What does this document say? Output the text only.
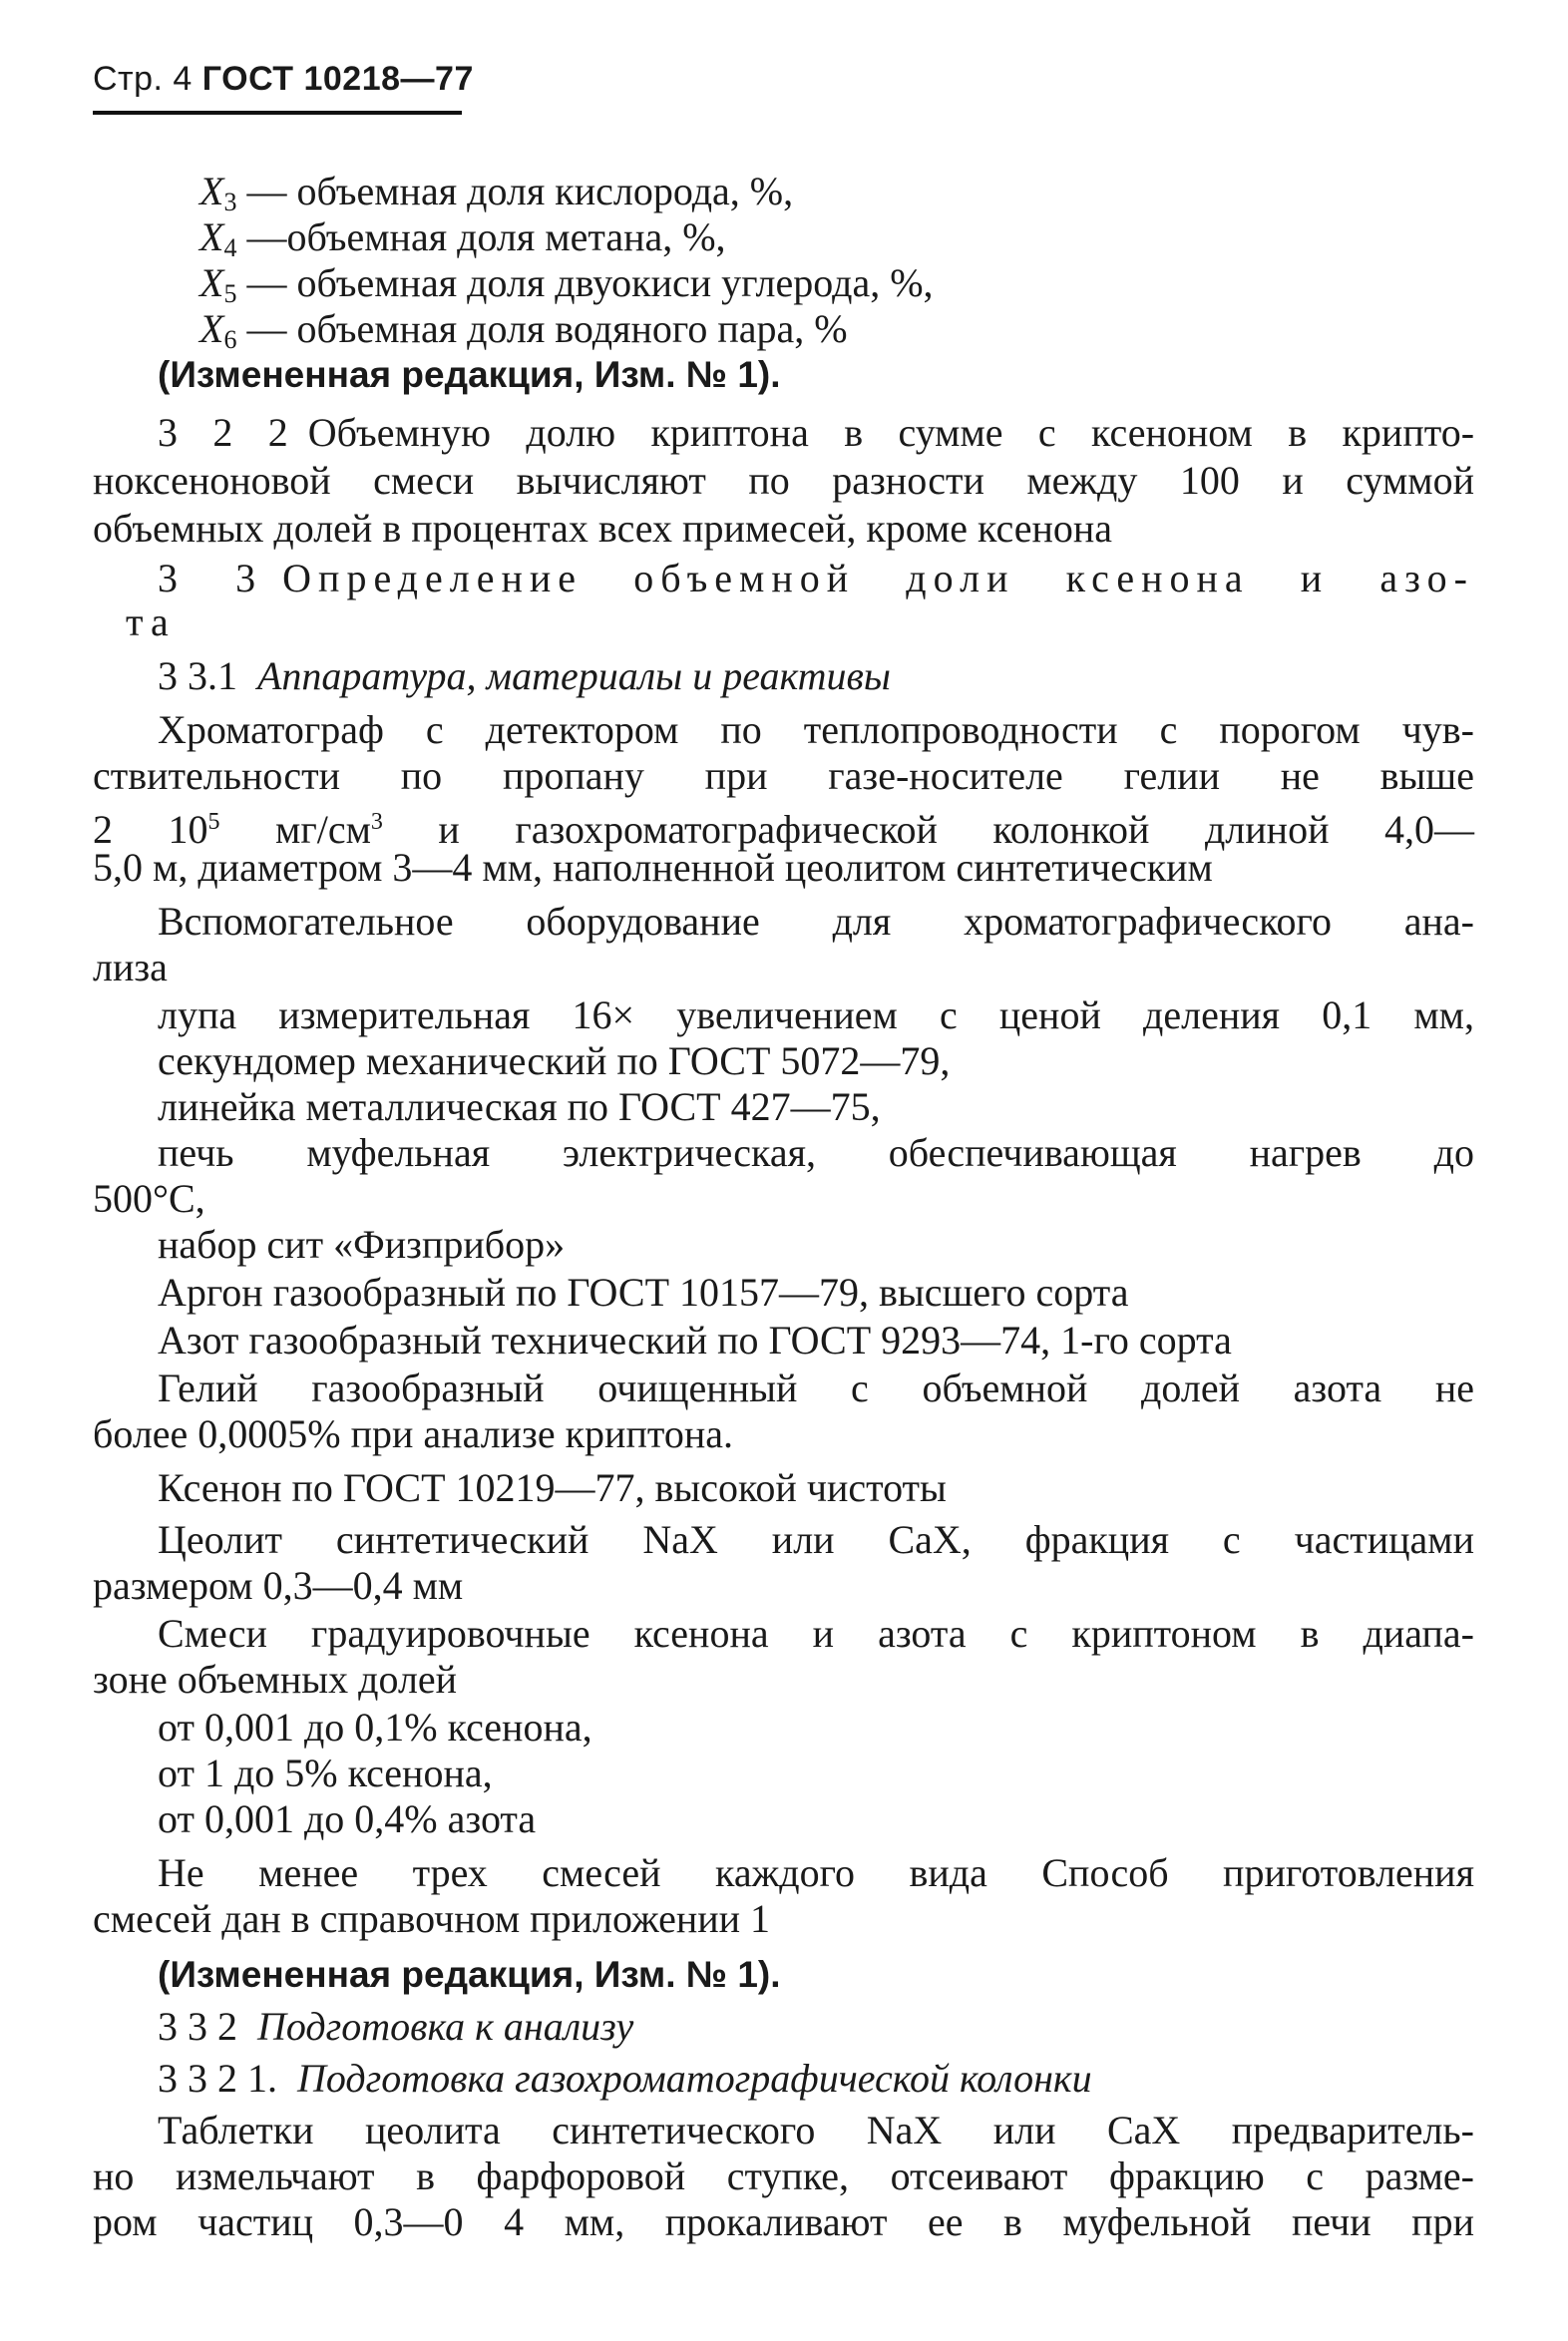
Стр. 4 ГОСТ 10218—77
$X_3$ — объемная доля кислорода, %,
$X_4$ —объемная доля метана, %,
$X_5$ — объемная доля двуокиси углерода, %,
$X_6$ — объемная доля водяного пара, %
(Измененная редакция, Изм. № 1).
3 2 2 Объемную долю криптона в сумме с ксеноном в крипто-
ноксеноновой смеси вычисляют по разности между 100 и суммой
объемных долей в процентах всех примесей, кроме ксенона
3 3 Определение объемной доли ксенона и азо-
та
3 3.1 Аппаратура, материалы и реактивы
Хроматограф с детектором по теплопроводности с порогом чув-
ствительности по пропану при газе-носителе гелии не выше
2 $10^5$ $мг/см^3$ и газохроматографической колонкой длиной 4,0—
5,0 м, диаметром 3—4 мм, наполненной цеолитом синтетическим
Вспомогательное оборудование для хроматографического ана-
лиза
лупа измерительная 16× увеличением с ценой деления 0,1 мм,
секундомер механический по ГОСТ 5072—79,
линейка металлическая по ГОСТ 427—75,
печь муфельная электрическая, обеспечивающая нагрев до
500°С,
набор сит «Физприбор»
Аргон газообразный по ГОСТ 10157—79, высшего сорта
Азот газообразный технический по ГОСТ 9293—74, 1-го сорта
Гелий газообразный очищенный с объемной долей азота не
более 0,0005% при анализе криптона.
Ксенон по ГОСТ 10219—77, высокой чистоты
Цеолит синтетический NaX или CaX, фракция с частицами
размером 0,3—0,4 мм
Смеси градуировочные ксенона и азота с криптоном в диапа-
зоне объемных долей
от 0,001 до 0,1% ксенона,
от 1 до 5% ксенона,
от 0,001 до 0,4% азота
Не менее трех смесей каждого вида Способ приготовления
смесей дан в справочном приложении 1
(Измененная редакция, Изм. № 1).
3 3 2 Подготовка к анализу
3 3 2 1. Подготовка газохроматографической колонки
Таблетки цеолита синтетического NaX или CaX предваритель-
но измельчают в фарфоровой ступке, отсеивают фракцию с разме-
ром частиц 0,3—0 4 мм, прокаливают ее в муфельной печи при
